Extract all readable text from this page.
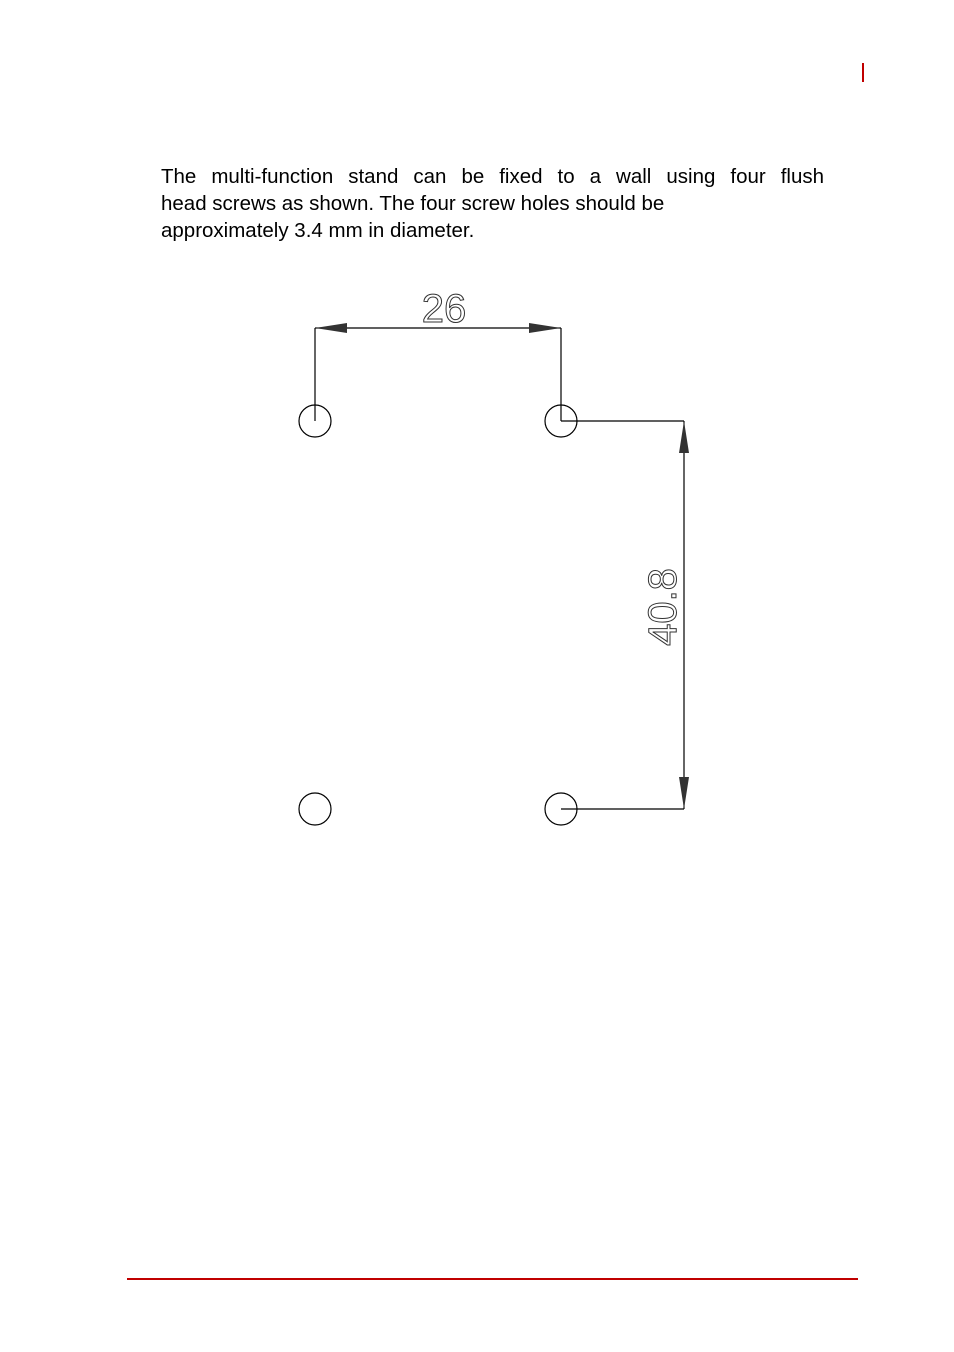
The multi-function stand can be fixed to a wall using four flush
head screws as shown. The four screw holes should be
approximately 3.4 mm in diameter.

26
40.8
